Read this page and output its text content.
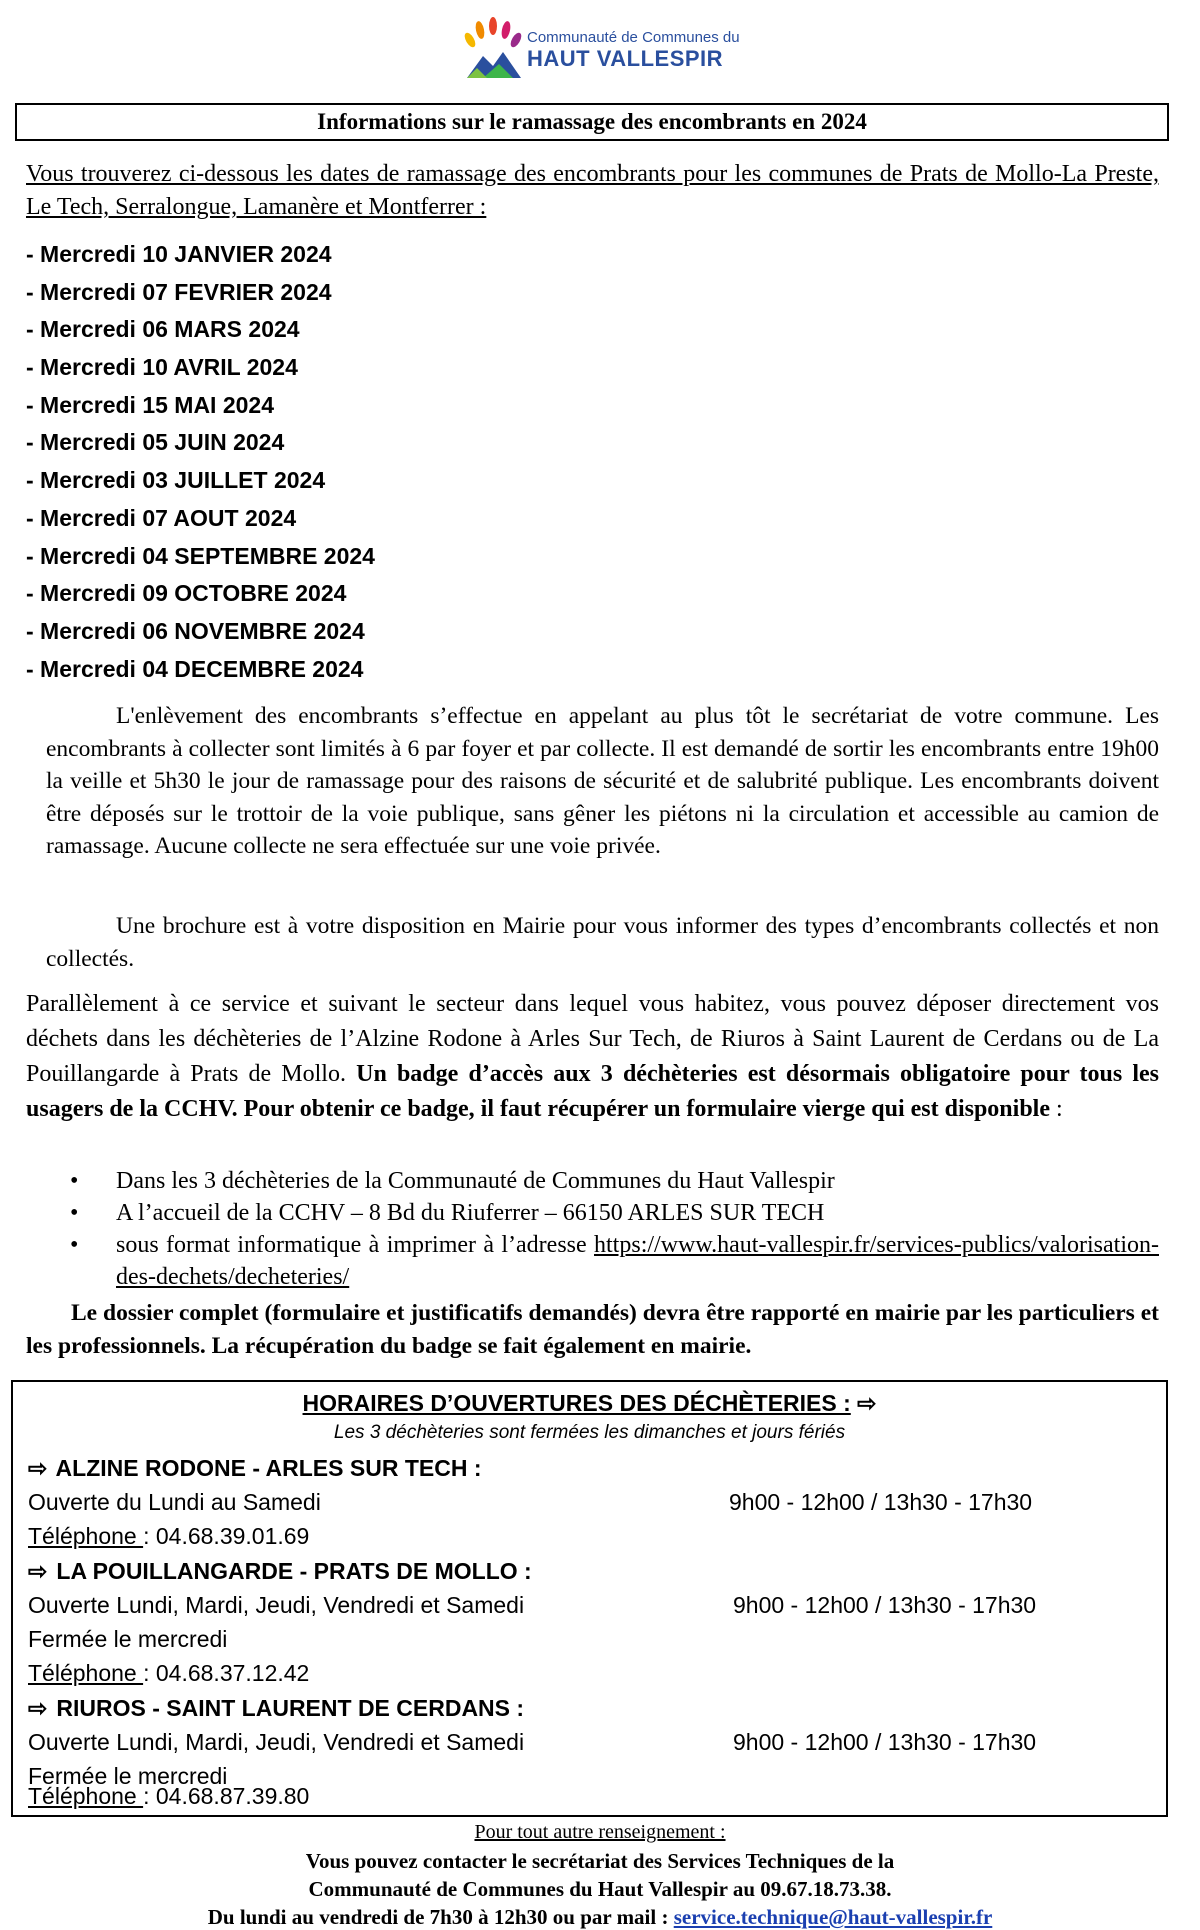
Communauté de Communes du
HAUT VALLESPIR
Informations sur le ramassage des encombrants en 2024

Vous trouverez ci-dessous les dates de ramassage des encombrants pour les communes de Prats de Mollo-La Preste, Le Tech, Serralongue, Lamanère et Montferrer :

- Mercredi 10 JANVIER 2024
- Mercredi 07 FEVRIER 2024
- Mercredi 06 MARS 2024
- Mercredi 10 AVRIL 2024
- Mercredi 15 MAI 2024
- Mercredi 05 JUIN 2024
- Mercredi 03 JUILLET 2024
- Mercredi 07 AOUT 2024
- Mercredi 04 SEPTEMBRE 2024
- Mercredi 09 OCTOBRE 2024
- Mercredi 06 NOVEMBRE 2024
- Mercredi 04 DECEMBRE 2024

L'enlèvement des encombrants s’effectue en appelant au plus tôt le secrétariat de votre commune. Les encombrants à collecter sont limités à 6 par foyer et par collecte. Il est demandé de sortir les encombrants entre 19h00 la veille et 5h30 le jour de ramassage pour des raisons de sécurité et de salubrité publique. Les encombrants doivent être déposés sur le trottoir de la voie publique, sans gêner les piétons ni la circulation et accessible au camion de ramassage. Aucune collecte ne sera effectuée sur une voie privée.

Une brochure est à votre disposition en Mairie pour vous informer des types d’encombrants collectés et non collectés.

Parallèlement à ce service et suivant le secteur dans lequel vous habitez, vous pouvez déposer directement vos déchets dans les déchèteries de l’Alzine Rodone à Arles Sur Tech, de Riuros à Saint Laurent de Cerdans ou de La Pouillangarde à Prats de Mollo. Un badge d’accès aux 3 déchèteries est désormais obligatoire pour tous les usagers de la CCHV. Pour obtenir ce badge, il faut récupérer un formulaire vierge qui est disponible :

• Dans les 3 déchèteries de la Communauté de Communes du Haut Vallespir
• A l’accueil de la CCHV – 8 Bd du Riuferrer – 66150 ARLES SUR TECH
• sous format informatique à imprimer à l’adresse https://www.haut-vallespir.fr/services-publics/valorisation-des-dechets/decheteries/

Le dossier complet (formulaire et justificatifs demandés) devra être rapporté en mairie par les particuliers et les professionnels. La récupération du badge se fait également en mairie.

HORAIRES D’OUVERTURES DES DÉCHÈTERIES : ⇨
Les 3 déchèteries sont fermées les dimanches et jours fériés
⇨ ALZINE RODONE - ARLES SUR TECH :
Ouverte du Lundi au Samedi	9h00 - 12h00 / 13h30 - 17h30
Téléphone : 04.68.39.01.69
⇨ LA POUILLANGARDE - PRATS DE MOLLO :
Ouverte Lundi, Mardi, Jeudi, Vendredi et Samedi	9h00 - 12h00 / 13h30 - 17h30
Fermée le mercredi
Téléphone : 04.68.37.12.42
⇨ RIUROS - SAINT LAURENT DE CERDANS :
Ouverte Lundi, Mardi, Jeudi, Vendredi et Samedi	9h00 - 12h00 / 13h30 - 17h30
Fermée le mercredi
Téléphone : 04.68.87.39.80
Pour tout autre renseignement :
Vous pouvez contacter le secrétariat des Services Techniques de la
Communauté de Communes du Haut Vallespir au 09.67.18.73.38.
Du lundi au vendredi de 7h30 à 12h30 ou par mail : service.technique@haut-vallespir.fr
